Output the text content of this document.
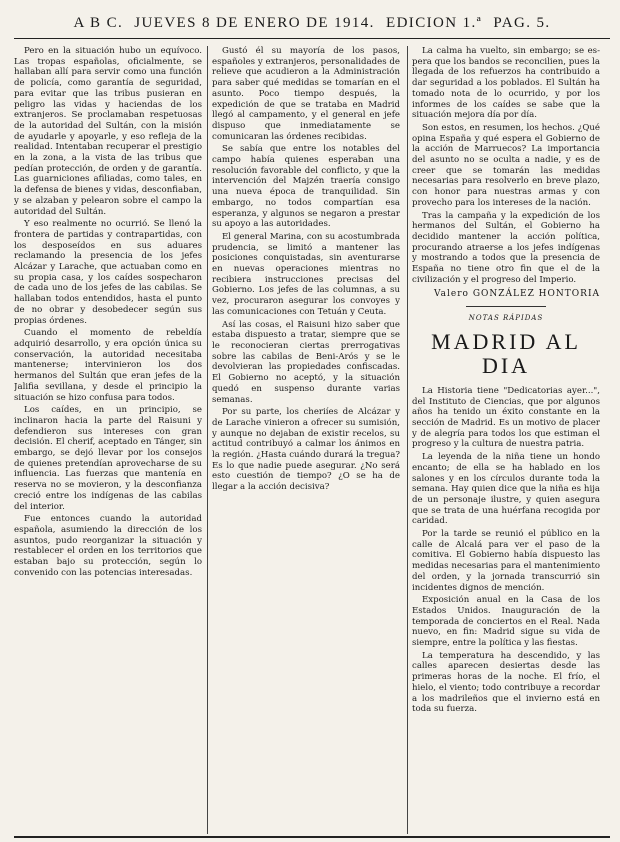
A B C. JUEVES 8 DE ENERO DE 1914. EDICION 1.ª PAG. 5.

Pero en la situación hubo un equívoco. Las tropas españolas, oficialmente, se hallaban allí para servir como una función de policía, como garantía de seguridad, para evitar que las tribus pusieran en peligro las vidas y haciendas de los extranjeros. Se proclamaban respetuosas de la autoridad del Sultán, con la misión de ayudarle y apoyarle, y eso refleja de la realidad. Intentaban recuperar el prestigio en la zona, a la vista de las tribus que pedían protección, de orden y de garantía. Las guarniciones afiliadas, como tales, en la defensa de bienes y vidas, desconfiaban, y se alzaban y pelearon sobre el campo la autoridad del Sultán.

Y eso realmente no ocurrió. Se llenó la frontera de partidas y contrapartidas, con los desposeídos en sus aduares reclamando la presencia de los jefes Alcázar y Larache, que actuaban como en su propia casa, y los caídes sospecharon de cada uno de los jefes de las cabilas. Se hallaban todos entendidos, hasta el punto de no obrar y desobedecer según sus propias órdenes.

Cuando el momento de rebeldía adquirió desarrollo, y era opción única su conservación, la autoridad necesitaba mantenerse; intervinieron los dos hermanos del Sultán que eran jefes de la Jalifia sevillana, y desde el principio la situación se hizo confusa para todos.

Los caídes, en un principio, se inclinaron hacia la parte del Raisuni y defendieron sus intereses con gran decisión. El cherif, aceptado en Tánger, sin embargo, se dejó llevar por los consejos de quienes pretendían aprovecharse de su influencia. Las fuerzas que mantenía en reserva no se movieron, y la desconfianza creció entre los indígenas de las cabilas del interior.

Fue entonces cuando la autoridad española, asumiendo la dirección de los asuntos, pudo reorganizar la situación y restablecer el orden en los territorios que estaban bajo su protección, según lo convenido con las potencias interesadas.

Gustó él su mayoría de los pasos, españoles y extranjeros, personalidades de relieve que acudieron a la Administración para saber qué medidas se tomarían en el asunto. Poco tiempo después, la expedición de que se trataba en Madrid llegó al campamento, y el general en jefe dispuso que inmediatamente se comunicaran las órdenes recibidas.

Se sabía que entre los notables del campo había quienes esperaban una resolución favorable del conflicto, y que la intervención del Majzén traería consigo una nueva época de tranquilidad. Sin embargo, no todos compartían esa esperanza, y algunos se negaron a prestar su apoyo a las autoridades.

El general Marina, con su acostumbrada prudencia, se limitó a mantener las posiciones conquistadas, sin aventurarse en nuevas operaciones mientras no recibiera instrucciones precisas del Gobierno. Los jefes de las columnas, a su vez, procuraron asegurar los convoyes y las comunicaciones con Tetuán y Ceuta.

Así las cosas, el Raisuni hizo saber que estaba dispuesto a tratar, siempre que se le reconocieran ciertas prerrogativas sobre las cabilas de Beni-Arós y se le devolvieran las propiedades confiscadas. El Gobierno no aceptó, y la situación quedó en suspenso durante varias semanas.

Por su parte, los cheriíes de Alcázar y de Larache vinieron a ofrecer su sumisión, y aunque no dejaban de existir recelos, su actitud contribuyó a calmar los ánimos en la región. ¿Hasta cuándo durará la tregua? Es lo que nadie puede asegurar. ¿No será esto cuestión de tiempo? ¿O se ha de llegar a la acción decisiva?

La calma ha vuelto, sin embargo; se espera que los bandos se reconcilien, pues la llegada de los refuerzos ha contribuido a dar seguridad a los poblados. El Sultán ha tomado nota de lo ocurrido, y por los informes de los caídes se sabe que la situación mejora día por día.

Son estos, en resumen, los hechos. ¿Qué opina España y qué espera el Gobierno de la acción de Marruecos? La importancia del asunto no se oculta a nadie, y es de creer que se tomarán las medidas necesarias para resolverlo en breve plazo, con honor para nuestras armas y con provecho para los intereses de la nación.

Tras la campaña y la expedición de los hermanos del Sultán, el Gobierno ha decidido mantener la acción política, procurando atraerse a los jefes indígenas y mostrando a todos que la presencia de España no tiene otro fin que el de la civilización y el progreso del Imperio.

Valero GONZÁLEZ HONTORIA
NOTAS RÁPIDAS
MADRID AL DIA

La Historia tiene "Dedicatorias ayer...", del Instituto de Ciencias, que por algunos años ha tenido un éxito constante en la sección de Madrid. Es un motivo de placer y de alegría para todos los que estiman el progreso y la cultura de nuestra patria.

La leyenda de la niña tiene un hondo encanto; de ella se ha hablado en los salones y en los círculos durante toda la semana. Hay quien dice que la niña es hija de un personaje ilustre, y quien asegura que se trata de una huérfana recogida por caridad.

Por la tarde se reunió el público en la calle de Alcalá para ver el paso de la comitiva. El Gobierno había dispuesto las medidas necesarias para el mantenimiento del orden, y la jornada transcurrió sin incidentes dignos de mención.

Exposición anual en la Casa de los Estados Unidos. Inauguración de la temporada de conciertos en el Real. Nada nuevo, en fin: Madrid sigue su vida de siempre, entre la política y las fiestas.

La temperatura ha descendido, y las calles aparecen desiertas desde las primeras horas de la noche. El frío, el hielo, el viento; todo contribuye a recordar a los madrileños que el invierno está en toda su fuerza.
